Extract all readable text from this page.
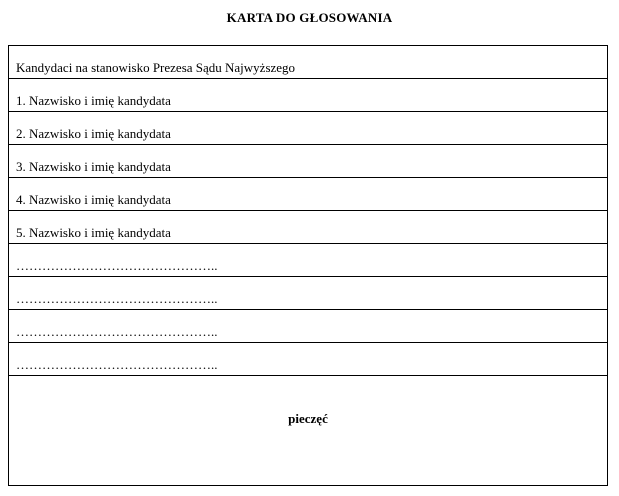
KARTA DO GŁOSOWANIA
Kandydaci na stanowisko Prezesa Sądu Najwyższego
1. Nazwisko i imię kandydata
2. Nazwisko i imię kandydata
3. Nazwisko i imię kandydata
4. Nazwisko i imię kandydata
5. Nazwisko i imię kandydata
………………………………………..
………………………………………..
………………………………………..
………………………………………..
pieczęć
